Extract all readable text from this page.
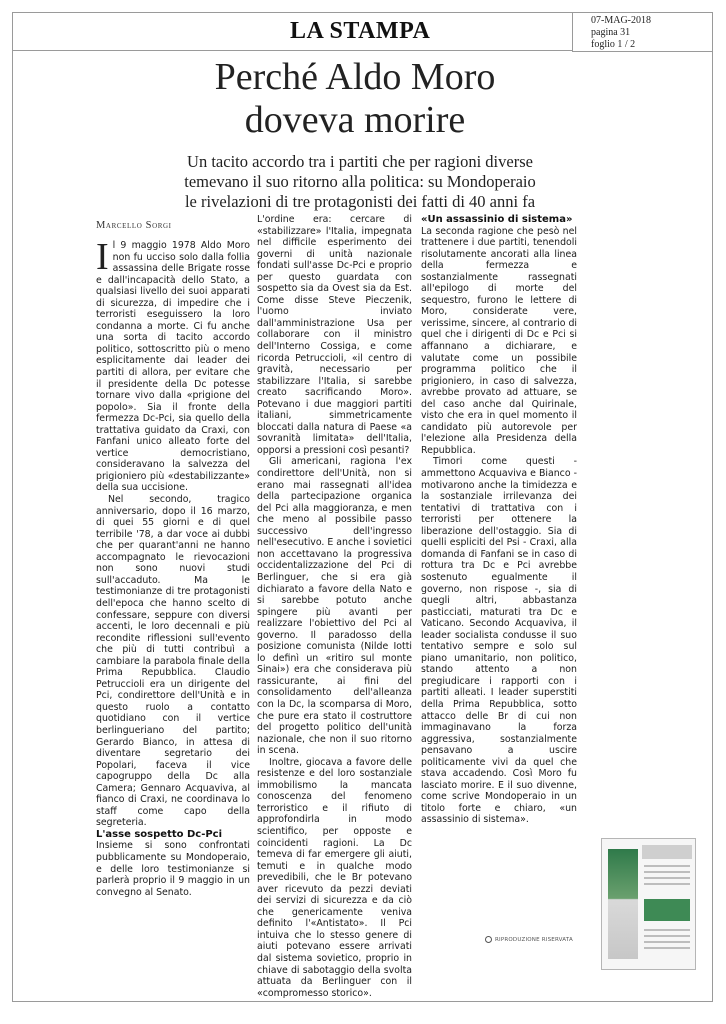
LA STAMPA	07-MAG-2018
pagina 31
foglio 1 / 2
Perché Aldo Moro
doveva morire
Un tacito accordo tra i partiti che per ragioni diverse
temevano il suo ritorno alla politica: su Mondoperaio
le rivelazioni di tre protagonisti dei fatti di 40 anni fa
Marcello Sorgi

Il 9 maggio 1978 Aldo Moro non fu ucciso solo dalla follia assassina delle Brigate rosse e dall'incapacità dello Stato, a qualsiasi livello dei suoi apparati di sicurezza, di impedire che i terroristi eseguissero la loro condanna a morte. Ci fu anche una sorta di tacito accordo politico, sottoscritto più o meno esplicitamente dai leader dei partiti di allora, per evitare che il presidente della Dc potesse tornare vivo dalla «prigione del popolo». Sia il fronte della fermezza Dc-Pci, sia quello della trattativa guidato da Craxi, con Fanfani unico alleato forte del vertice democristiano, consideravano la salvezza del prigioniero più «destabilizzante» della sua uccisione.

Nel secondo, tragico anniversario, dopo il 16 marzo, di quei 55 giorni e di quel terribile '78, a dar voce ai dubbi che per quarant'anni ne hanno accompagnato le rievocazioni non sono nuovi studi sull'accaduto. Ma le testimonianze di tre protagonisti dell'epoca che hanno scelto di confessare, seppure con diversi accenti, le loro decennali e più recondite riflessioni sull'evento che più di tutti contribuì a cambiare la parabola finale della Prima Repubblica. Claudio Petruccioli era un dirigente del Pci, condirettore dell'Unità e in questo ruolo a contatto quotidiano con il vertice berlingueriano del partito; Gerardo Bianco, in attesa di diventare segretario dei Popolari, faceva il vice capogruppo della Dc alla Camera; Gennaro Acquaviva, al fianco di Craxi, ne coordinava lo staff come capo della segreteria.

L'asse sospetto Dc-Pci

Insieme si sono confrontati pubblicamente su Mondoperaio, e delle loro testimonianze si parlerà proprio il 9 maggio in un convegno al Senato.

L'ordine era: cercare di «stabilizzare» l'Italia, impegnata nel difficile esperimento dei governi di unità nazionale fondati sull'asse Dc-Pci e proprio per questo guardata con sospetto sia da Ovest sia da Est. Come disse Steve Pieczenik, l'uomo inviato dall'amministrazione Usa per collaborare con il ministro dell'Interno Cossiga, e come ricorda Petruccioli, «il centro di gravità, necessario per stabilizzare l'Italia, si sarebbe creato sacrificando Moro». Potevano i due maggiori partiti italiani, simmetricamente bloccati dalla natura di Paese «a sovranità limitata» dell'Italia, opporsi a pressioni così pesanti?

Gli americani, ragiona l'ex condirettore dell'Unità, non si erano mai rassegnati all'idea della partecipazione organica del Pci alla maggioranza, e men che meno al possibile passo successivo dell'ingresso nell'esecutivo. E anche i sovietici non accettavano la progressiva occidentalizzazione del Pci di Berlinguer, che si era già dichiarato a favore della Nato e si sarebbe potuto anche spingere più avanti per realizzare l'obiettivo del Pci al governo. Il paradosso della posizione comunista (Nilde Iotti lo definì un «ritiro sul monte Sinai») era che considerava più rassicurante, ai fini del consolidamento dell'alleanza con la Dc, la scomparsa di Moro, che pure era stato il costruttore del progetto politico dell'unità nazionale, che non il suo ritorno in scena.

Inoltre, giocava a favore delle resistenze e del loro sostanziale immobilismo la mancata conoscenza del fenomeno terroristico e il rifiuto di approfondirla in modo scientifico, per opposte e coincidenti ragioni. La Dc temeva di far emergere gli aiuti, temuti e in qualche modo prevedibili, che le Br potevano aver ricevuto da pezzi deviati dei servizi di sicurezza e da ciò che genericamente veniva definito l'«Antistato». Il Pci intuiva che lo stesso genere di aiuti potevano essere arrivati dal sistema sovietico, proprio in chiave di sabotaggio della svolta attuata da Berlinguer con il «compromesso storico».

«Un assassinio di sistema»

La seconda ragione che pesò nel trattenere i due partiti, tenendoli risolutamente ancorati alla linea della fermezza e sostanzialmente rassegnati all'epilogo di morte del sequestro, furono le lettere di Moro, considerate vere, verissime, sincere, al contrario di quel che i dirigenti di Dc e Pci si affannano a dichiarare, e valutate come un possibile programma politico che il prigioniero, in caso di salvezza, avrebbe provato ad attuare, se del caso anche dal Quirinale, visto che era in quel momento il candidato più autorevole per l'elezione alla Presidenza della Repubblica.

Timori come questi - ammettono Acquaviva e Bianco - motivarono anche la timidezza e la sostanziale irrilevanza dei tentativi di trattativa con i terroristi per ottenere la liberazione dell'ostaggio. Sia di quelli espliciti del Psi - Craxi, alla domanda di Fanfani se in caso di rottura tra Dc e Pci avrebbe sostenuto egualmente il governo, non rispose -, sia di quegli altri, abbastanza pasticciati, maturati tra Dc e Vaticano. Secondo Acquaviva, il leader socialista condusse il suo tentativo sempre e solo sul piano umanitario, non politico, stando attento a non pregiudicare i rapporti con i partiti alleati. I leader superstiti della Prima Repubblica, sotto attacco delle Br di cui non immaginavano la forza aggressiva, sostanzialmente pensavano a uscire politicamente vivi da quel che stava accadendo. Così Moro fu lasciato morire. E il suo divenne, come scrive Mondoperaio in un titolo forte e chiaro, «un assassinio di sistema».

RIPRODUZIONE RISERVATA
